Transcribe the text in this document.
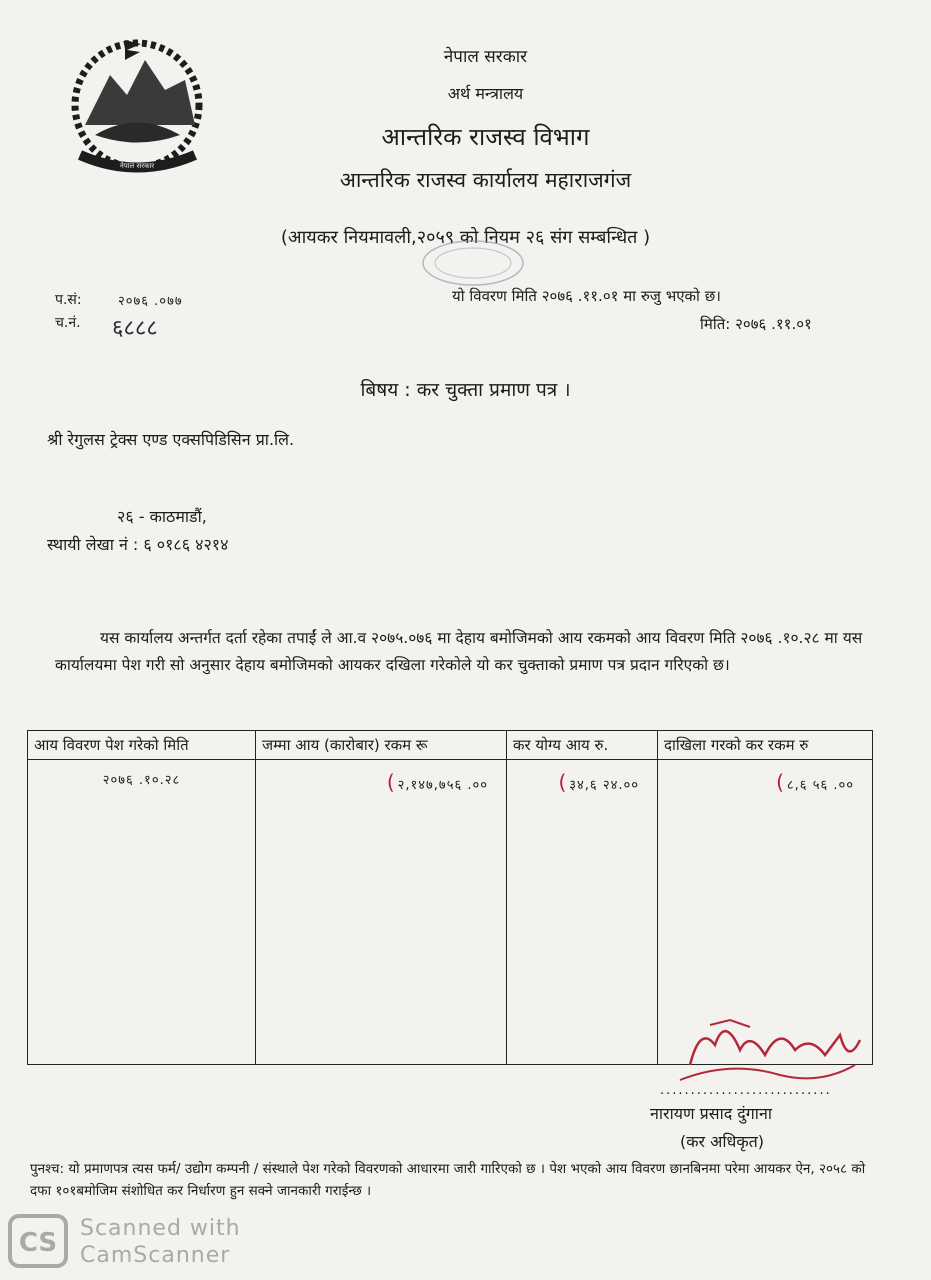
नेपाल सरकार
नेपाल सरकार
अर्थ मन्त्रालय
आन्तरिक राजस्व विभाग
आन्तरिक राजस्व कार्यालय महाराजगंज
(आयकर नियमावली,२०५९ को नियम २६ संग सम्बन्धित )
प.सं:	२०७६ .०७७
च.नं. ६८८८
यो विवरण मिति २०७६ .११.०१ मा रुजु भएको छ।
मिति: २०७६ .११.०१
बिषय : कर चुक्ता प्रमाण पत्र ।
श्री रेगुलस ट्रेक्स एण्ड एक्सपिडिसिन प्रा.लि.
२६ - काठमाडौं,
स्थायी लेखा नं : ६ ०१८६ ४२१४
यस कार्यालय अन्तर्गत दर्ता रहेका तपाईं ले आ.व २०७५.०७६ मा देहाय बमोजिमको आय रकमको आय विवरण मिति २०७६ .१०.२८ मा यस कार्यालयमा पेश गरी सो अनुसार देहाय बमोजिमको आयकर दखिला गरेकोले यो कर चुक्ताको प्रमाण पत्र प्रदान गरिएको छ।
आय विवरण पेश गरेको मिति	जम्मा आय (कारोबार) रकम रू	कर योग्य आय रु.	दाखिला गरको कर रकम रु
२०७६ .१०.२८	( २,१४७,७५६ .००	( ३४,६ २४.००	( ८,६ ५६ .००
............................
नारायण प्रसाद दुंगाना
(कर अधिकृत)
पुनश्च: यो प्रमाणपत्र त्यस फर्म/ उद्योग कम्पनी / संस्थाले पेश गरेको विवरणको आधारमा जारी गारिएको छ । पेश भएको आय विवरण छानबिनमा परेमा आयकर ऐन, २०५८ को दफा १०१बमोजिम संशोधित कर निर्धारण हुन सक्ने जानकारी गराईन्छ ।
CS Scanned with
CamScanner
